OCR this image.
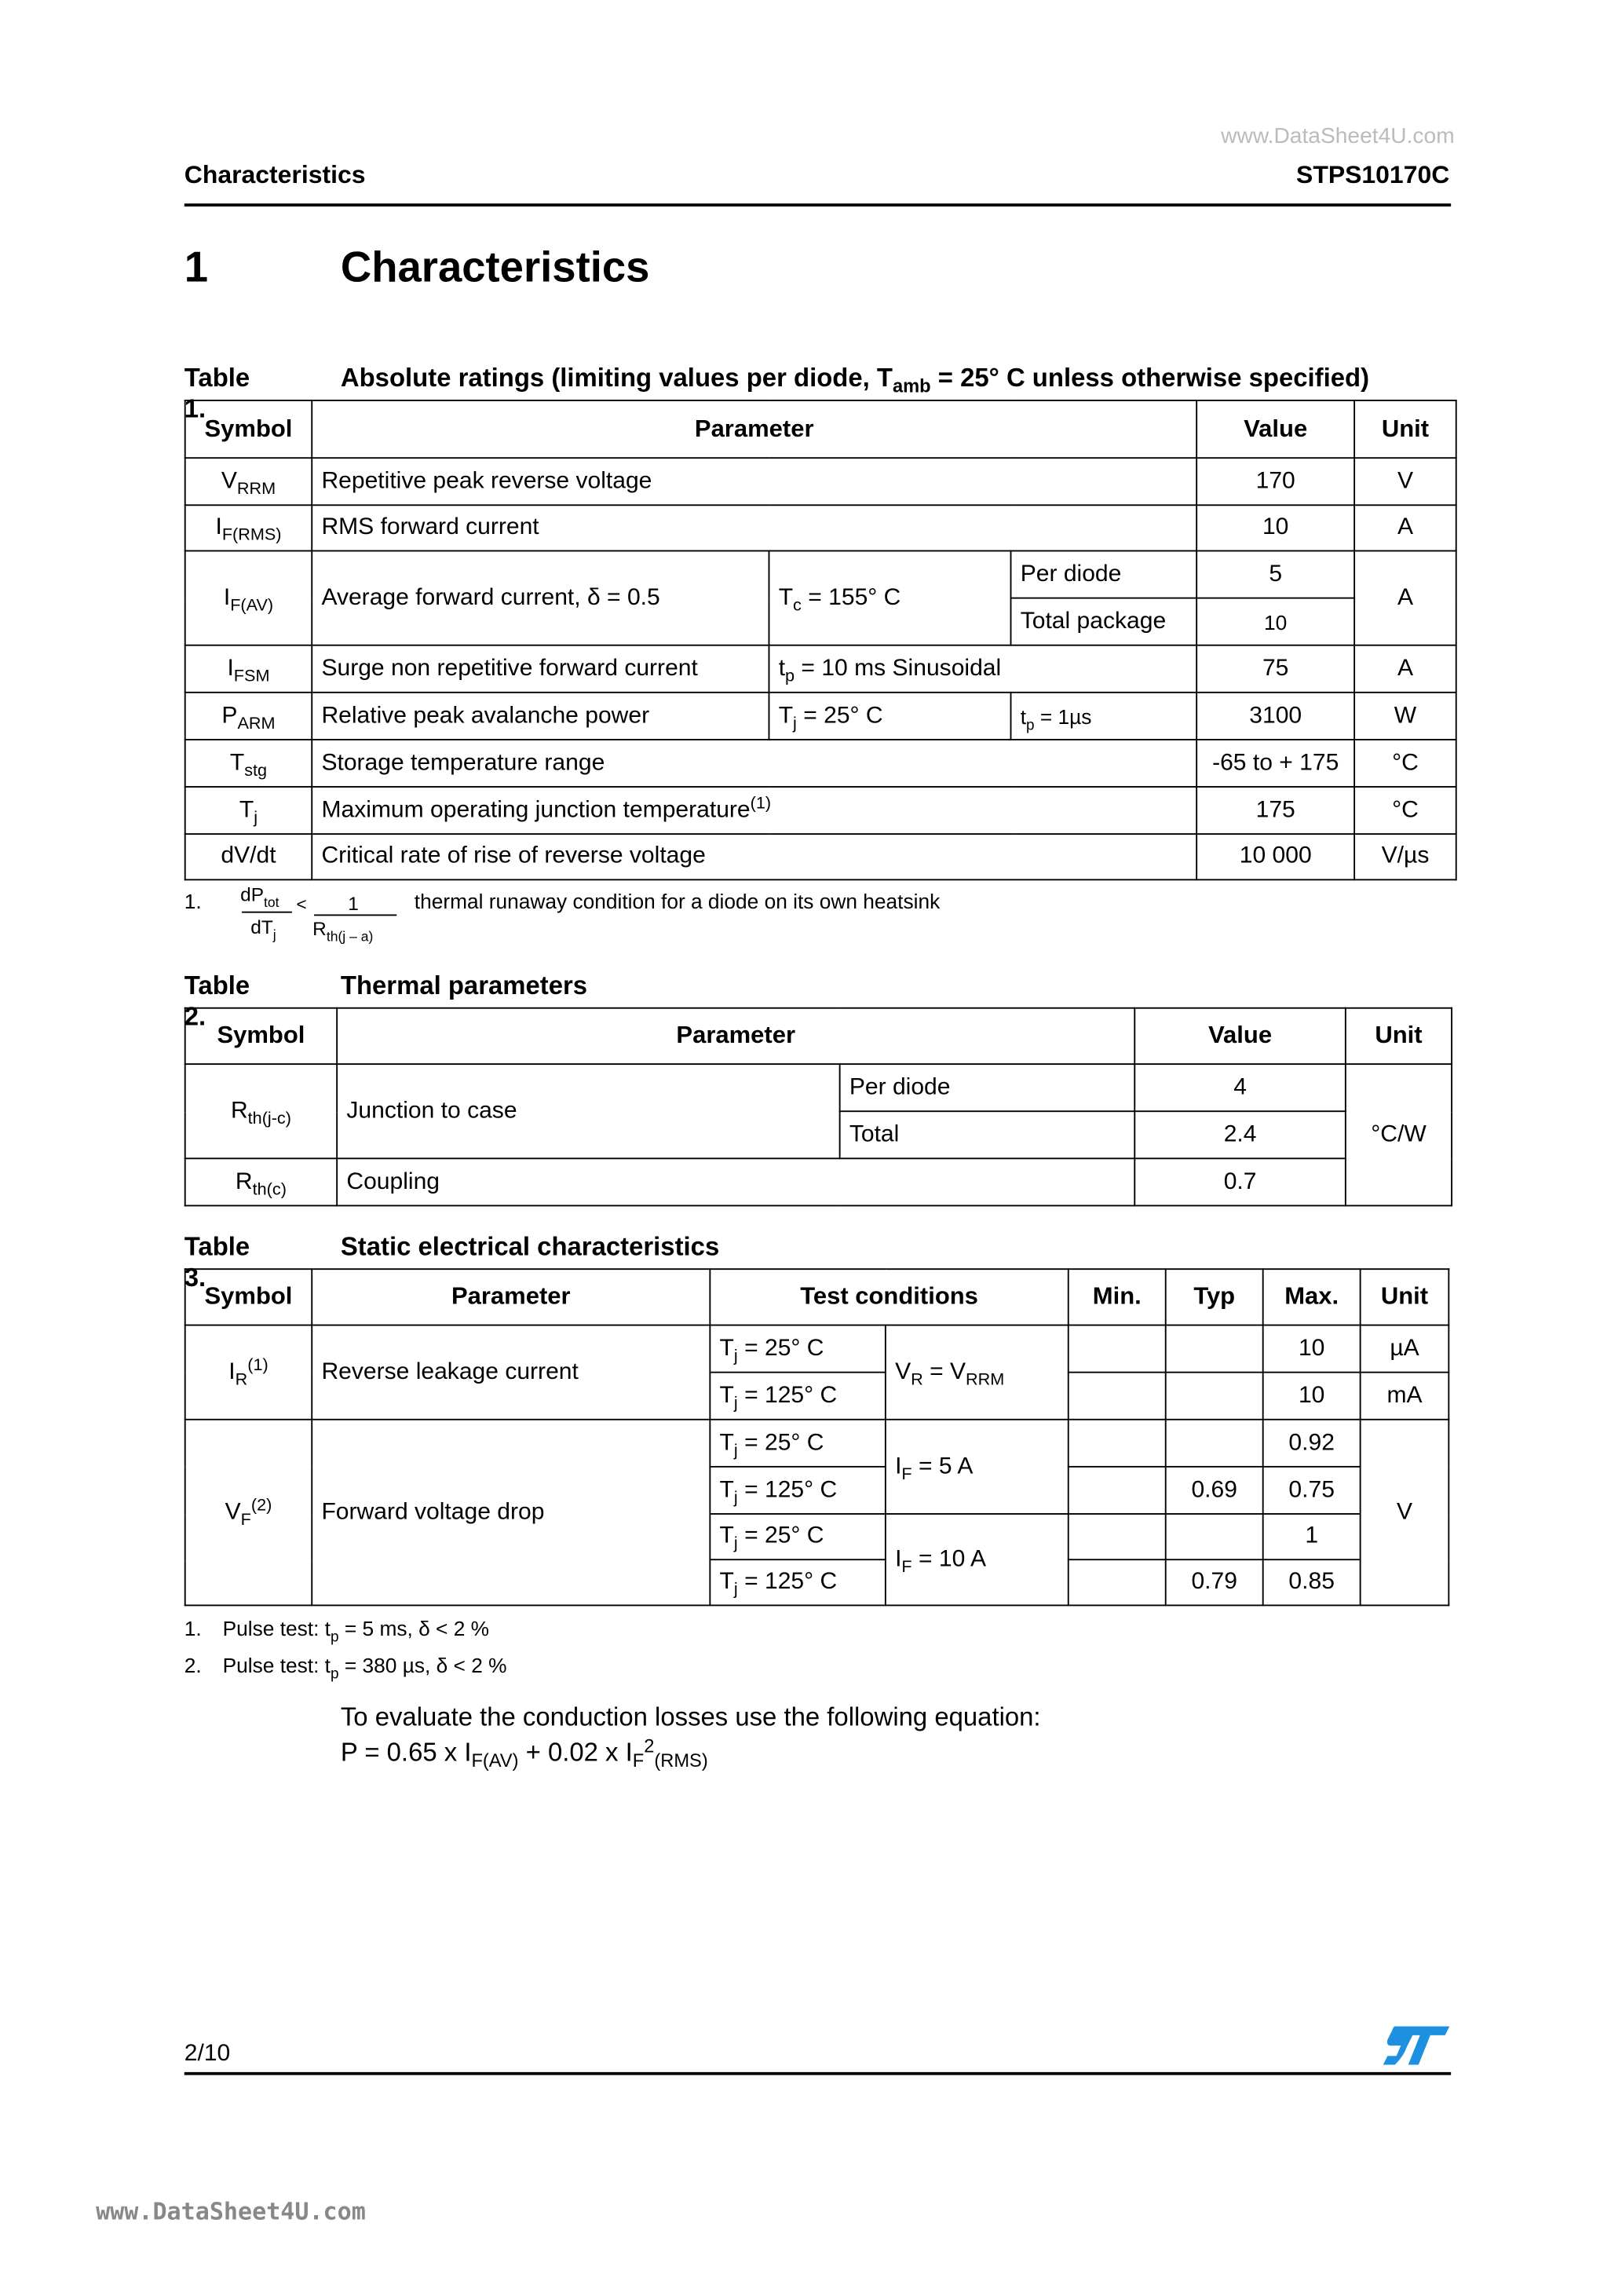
Characteristics
www.DataSheet4U.com
STPS10170C
1	Characteristics
Table 1.
Absolute ratings (limiting values per diode, $T_{amb} = 25^\circ$ C unless otherwise specified)
Symbol	Parameter			Value	Unit
$V_{RRM}$	Repetitive peak reverse voltage			170	V
$I_{F(RMS)}$	RMS forward current			10	A
$I_{F(AV)}$	Average forward current, δ = 0.5	$T_c = 155^\circ$ C	Per diode	5	A
			Total package	10	
$I_{FSM}$	Surge non repetitive forward current	$t_p = 10$ ms Sinusoidal		75	A
$P_{ARM}$	Relative peak avalanche power	$T_j = 25^\circ$ C	$t_p = 1\mu s$	3100	W
$T_{stg}$	Storage temperature range			-65 to + 175	°C
$T_j$	Maximum operating junction temperature$^{(1)}$			175	°C
dV/dt	Critical rate of rise of reverse voltage			10 000	V/µs
1.	$dP_{tot}$
$dT_j$
<	1
$R_{th(j - a)}$
thermal runaway condition for a diode on its own heatsink
Table 2.
Thermal parameters
Symbol	Parameter		Value	Unit
$R_{th(j-c)}$	Junction to case	Per diode	4	°C/W
		Total	2.4	
$R_{th(c)}$	Coupling		0.7	
Table 3.
Static electrical characteristics
Symbol	Parameter	Test conditions		Min.	Typ	Max.	Unit
$I_R^{(1)}$	Reverse leakage current	$T_j = 25^\circ$ C	$V_R = V_{RRM}$			10	µA
		$T_j = 125^\circ$ C				10	mA
$V_F^{(2)}$	Forward voltage drop	$T_j = 25^\circ$ C	$I_F = 5$ A			0.92	V
		$T_j = 125^\circ$ C			0.69	0.75	
		$T_j = 25^\circ$ C	$I_F = 10$ A			1	
		$T_j = 125^\circ$ C			0.79	0.85	
1. Pulse test: $t_p = 5$ ms, δ < 2 %
2. Pulse test: $t_p = 380$ µs, δ < 2 %
To evaluate the conduction losses use the following equation:
P = 0.65 x $I_{F(AV)} + 0.02$ x $I_F^2_{(RMS)}$
2/10
www.DataSheet4U.com
